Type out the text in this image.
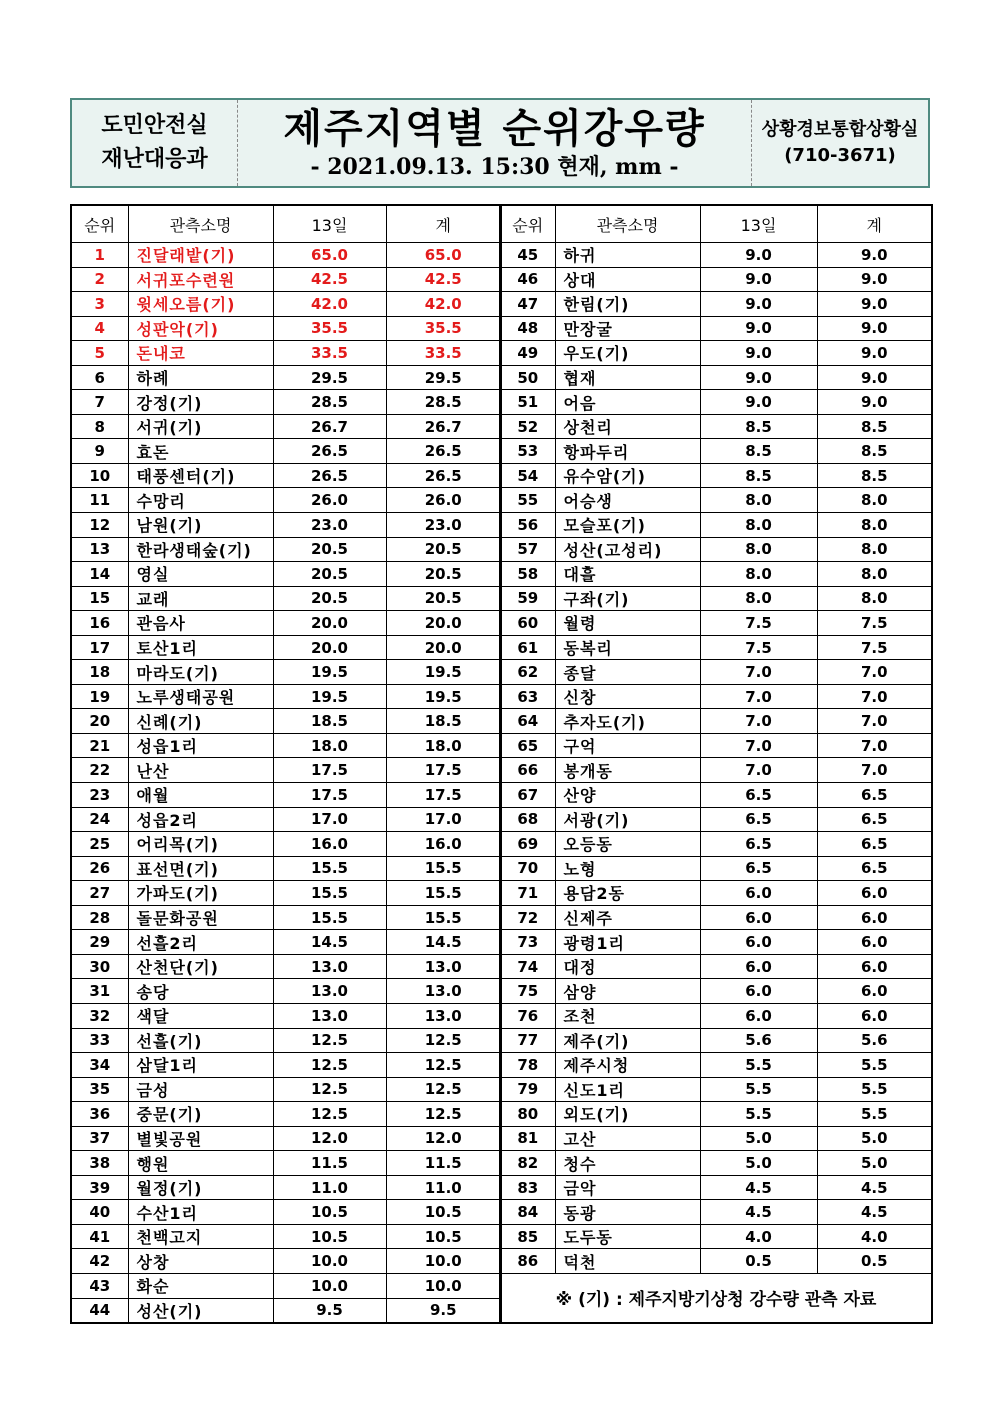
도민안전실
재난대응과
제주지역별 순위강우량
- 2021.09.13. 15:30 현재, mm -
상황경보통합상황실
(710-3671)
순위	관측소명	13일	계
1	진달래밭(기)	65.0	65.0
2	서귀포수련원	42.5	42.5
3	윗세오름(기)	42.0	42.0
4	성판악(기)	35.5	35.5
5	돈내코	33.5	33.5
6	하례	29.5	29.5
7	강정(기)	28.5	28.5
8	서귀(기)	26.7	26.7
9	효돈	26.5	26.5
10	태풍센터(기)	26.5	26.5
11	수망리	26.0	26.0
12	남원(기)	23.0	23.0
13	한라생태숲(기)	20.5	20.5
14	영실	20.5	20.5
15	교래	20.5	20.5
16	관음사	20.0	20.0
17	토산1리	20.0	20.0
18	마라도(기)	19.5	19.5
19	노루생태공원	19.5	19.5
20	신례(기)	18.5	18.5
21	성읍1리	18.0	18.0
22	난산	17.5	17.5
23	애월	17.5	17.5
24	성읍2리	17.0	17.0
25	어리목(기)	16.0	16.0
26	표선면(기)	15.5	15.5
27	가파도(기)	15.5	15.5
28	돌문화공원	15.5	15.5
29	선흘2리	14.5	14.5
30	산천단(기)	13.0	13.0
31	송당	13.0	13.0
32	색달	13.0	13.0
33	선흘(기)	12.5	12.5
34	삼달1리	12.5	12.5
35	금성	12.5	12.5
36	중문(기)	12.5	12.5
37	별빛공원	12.0	12.0
38	행원	11.5	11.5
39	월정(기)	11.0	11.0
40	수산1리	10.5	10.5
41	천백고지	10.5	10.5
42	상창	10.0	10.0
43	화순	10.0	10.0
44	성산(기)	9.5	9.5
순위	관측소명	13일	계
45	하귀	9.0	9.0
46	상대	9.0	9.0
47	한림(기)	9.0	9.0
48	만장굴	9.0	9.0
49	우도(기)	9.0	9.0
50	협재	9.0	9.0
51	어음	9.0	9.0
52	상천리	8.5	8.5
53	항파두리	8.5	8.5
54	유수암(기)	8.5	8.5
55	어승생	8.0	8.0
56	모슬포(기)	8.0	8.0
57	성산(고성리)	8.0	8.0
58	대흘	8.0	8.0
59	구좌(기)	8.0	8.0
60	월령	7.5	7.5
61	동복리	7.5	7.5
62	종달	7.0	7.0
63	신창	7.0	7.0
64	추자도(기)	7.0	7.0
65	구억	7.0	7.0
66	봉개동	7.0	7.0
67	산양	6.5	6.5
68	서광(기)	6.5	6.5
69	오등동	6.5	6.5
70	노형	6.5	6.5
71	용담2동	6.0	6.0
72	신제주	6.0	6.0
73	광령1리	6.0	6.0
74	대정	6.0	6.0
75	삼양	6.0	6.0
76	조천	6.0	6.0
77	제주(기)	5.6	5.6
78	제주시청	5.5	5.5
79	신도1리	5.5	5.5
80	외도(기)	5.5	5.5
81	고산	5.0	5.0
82	청수	5.0	5.0
83	금악	4.5	4.5
84	동광	4.5	4.5
85	도두동	4.0	4.0
86	덕천	0.5	0.5
※ (기) : 제주지방기상청 강수량 관측 자료			
